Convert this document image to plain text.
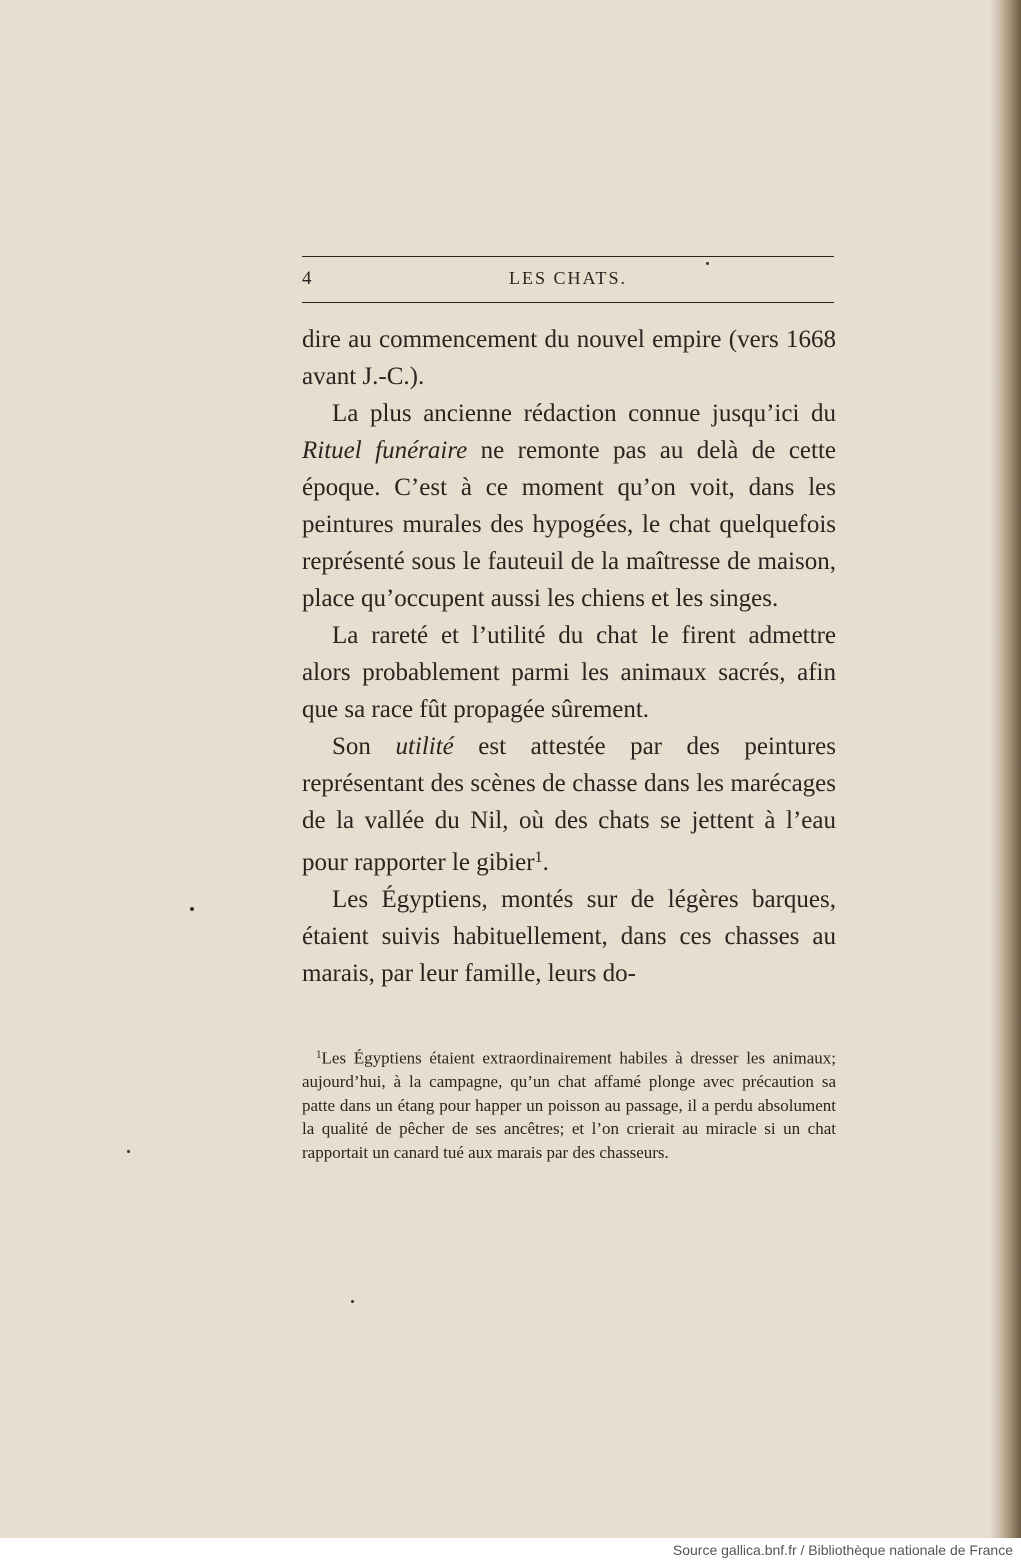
4	LES CHATS.

dire au commencement du nouvel empire (vers 1668 avant J.-C.).

La plus ancienne rédaction connue jusqu’ici du Rituel funéraire ne remonte pas au delà de cette époque. C’est à ce moment qu’on voit, dans les peintures murales des hypogées, le chat quelquefois représenté sous le fauteuil de la maîtresse de maison, place qu’occupent aussi les chiens et les singes.

La rareté et l’utilité du chat le firent admettre alors probablement parmi les animaux sacrés, afin que sa race fût propagée sûrement.

Son utilité est attestée par des peintures représentant des scènes de chasse dans les marécages de la vallée du Nil, où des chats se jettent à l’eau pour rapporter le gibier$^1$.

Les Égyptiens, montés sur de légères barques, étaient suivis habituellement, dans ces chasses au marais, par leur famille, leurs do-

$^1$Les Égyptiens étaient extraordinairement habiles à dresser les animaux; aujourd’hui, à la campagne, qu’un chat affamé plonge avec précaution sa patte dans un étang pour happer un poisson au passage, il a perdu absolument la qualité de pêcher de ses ancêtres; et l’on crierait au miracle si un chat rapportait un canard tué aux marais par des chasseurs.

Source gallica.bnf.fr / Bibliothèque nationale de France
